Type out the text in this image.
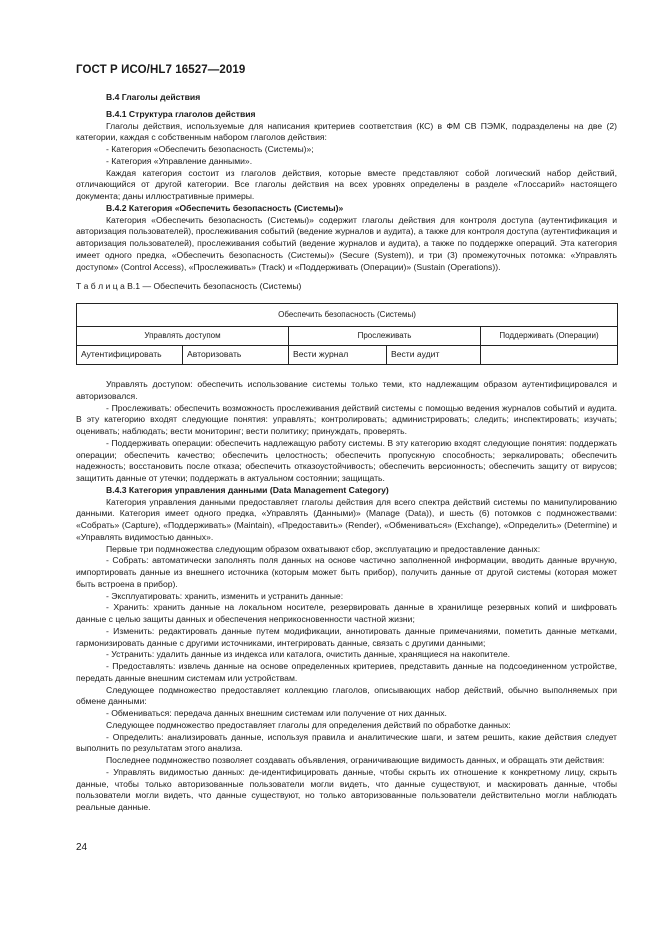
ГОСТ Р ИСО/HL7 16527—2019

В.4 Глаголы действия

В.4.1 Структура глаголов действия

Глаголы действия, используемые для написания критериев соответствия (КС) в ФМ СВ ПЭМК, подразделены на две (2) категории, каждая с собственным набором глаголов действия:

- Категория «Обеспечить безопасность (Системы)»;

- Категория «Управление данными».

Каждая категория состоит из глаголов действия, которые вместе представляют собой логический набор действий, отличающийся от другой категории. Все глаголы действия на всех уровнях определены в разделе «Глоссарий» настоящего документа; даны иллюстративные примеры.

В.4.2 Категория «Обеспечить безопасность (Системы)»

Категория «Обеспечить безопасность (Системы)» содержит глаголы действия для контроля доступа (аутентификация и авторизация пользователей), прослеживания событий (ведение журналов и аудита), а также для контроля доступа (аутентификация и авторизация пользователей), прослеживания событий (ведение журналов и аудита), а также по поддержке операций. Эта категория имеет одного предка, «Обеспечить безопасность (Системы)» (Secure (System)), и три (3) промежуточных потомка: «Управлять доступом» (Control Access), «Прослеживать» (Track) и «Поддерживать (Операции)» (Sustain (Operations)).

Т а б л и ц а В.1 — Обеспечить безопасность (Системы)

Обеспечить безопасность (Системы)				
Управлять доступом		Прослеживать		Поддерживать (Операции)
Аутентифицировать	Авторизовать	Вести журнал	Вести аудит	

Управлять доступом: обеспечить использование системы только теми, кто надлежащим образом аутентифицировался и авторизовался.

- Прослеживать: обеспечить возможность прослеживания действий системы с помощью ведения журналов событий и аудита. В эту категорию входят следующие понятия: управлять; контролировать; администрировать; следить; инспектировать; изучать; оценивать; наблюдать; вести мониторинг; вести политику; принуждать, проверять.

- Поддерживать операции: обеспечить надлежащую работу системы. В эту категорию входят следующие понятия: поддержать операции; обеспечить качество; обеспечить целостность; обеспечить пропускную способность; зеркалировать; обеспечить надежность; восстановить после отказа; обеспечить отказоустойчивость; обеспечить версионность; обеспечить защиту от вирусов; защитить данные от утечки; поддержать в актуальном состоянии; защищать.

В.4.3 Категория управления данными (Data Management Category)

Категория управления данными предоставляет глаголы действия для всего спектра действий системы по манипулированию данными. Категория имеет одного предка, «Управлять (Данными)» (Manage (Data)), и шесть (6) потомков с подмножествами: «Собрать» (Capture), «Поддерживать» (Maintain), «Предоставить» (Render), «Обмениваться» (Exchange), «Определить» (Determine) и «Управлять видимостью данных».

Первые три подмножества следующим образом охватывают сбор, эксплуатацию и предоставление данных:

- Собрать: автоматически заполнять поля данных на основе частично заполненной информации, вводить данные вручную, импортировать данные из внешнего источника (которым может быть прибор), получить данные от другой системы (которая может быть встроена в прибор).

- Эксплуатировать: хранить, изменить и устранить данные:

- Хранить: хранить данные на локальном носителе, резервировать данные в хранилище резервных копий и шифровать данные с целью защиты данных и обеспечения неприкосновенности частной жизни;

- Изменить: редактировать данные путем модификации, аннотировать данные примечаниями, пометить данные метками, гармонизировать данные с другими источниками, интегрировать данные, связать с другими данными;

- Устранить: удалить данные из индекса или каталога, очистить данные, хранящиеся на накопителе.

- Предоставлять: извлечь данные на основе определенных критериев, представить данные на подсоединенном устройстве, передать данные внешним системам или устройствам.

Следующее подмножество предоставляет коллекцию глаголов, описывающих набор действий, обычно выполняемых при обмене данными:

- Обмениваться: передача данных внешним системам или получение от них данных.

Следующее подмножество предоставляет глаголы для определения действий по обработке данных:

- Определить: анализировать данные, используя правила и аналитические шаги, и затем решить, какие действия следует выполнить по результатам этого анализа.

Последнее подмножество позволяет создавать объявления, ограничивающие видимость данных, и обращать эти действия:

- Управлять видимостью данных: де-идентифицировать данные, чтобы скрыть их отношение к конкретному лицу, скрыть данные, чтобы только авторизованные пользователи могли видеть, что данные существуют, и маскировать данные, чтобы пользователи могли видеть, что данные существуют, но только авторизованные пользователи действительно могли наблюдать реальные данные.

24
